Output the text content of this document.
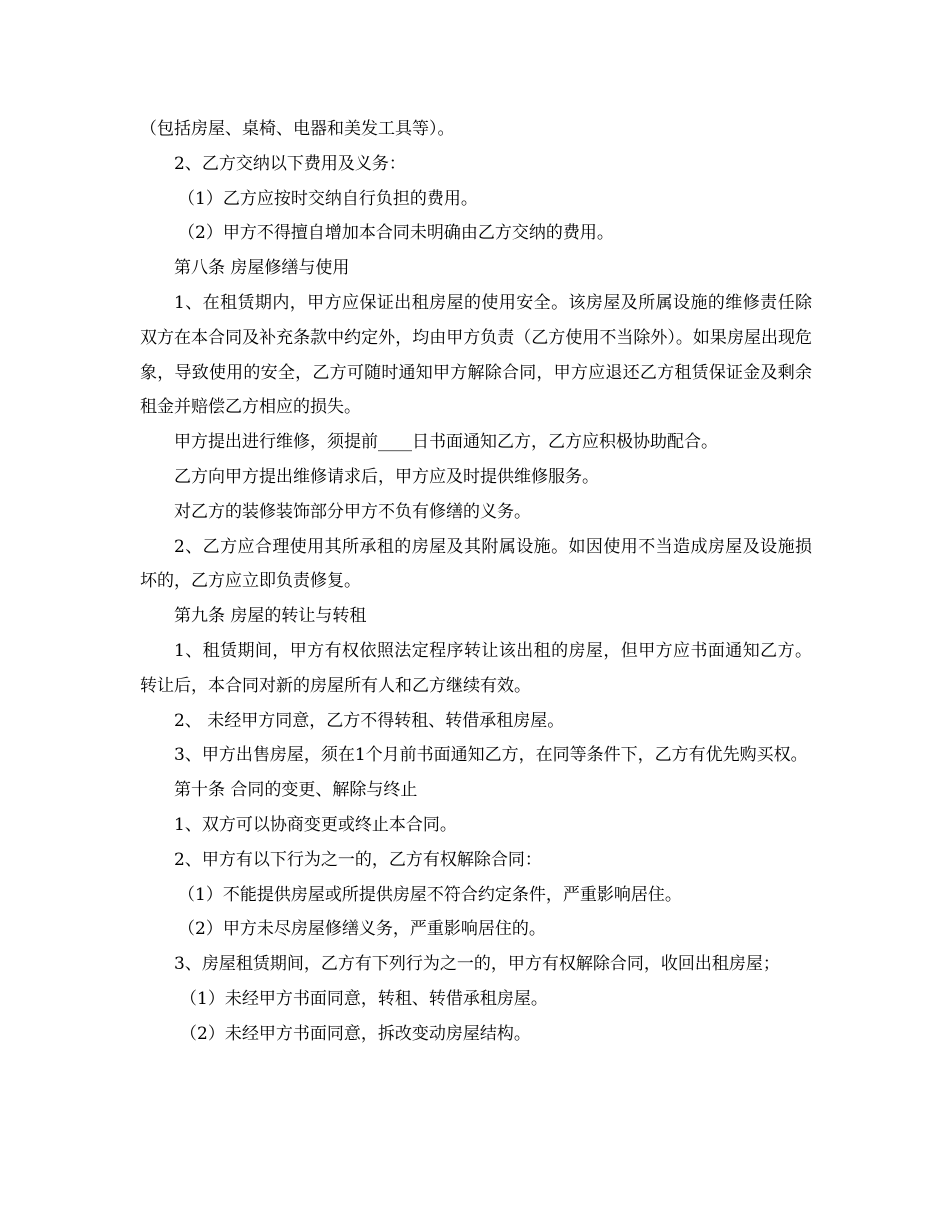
（包括房屋、桌椅、电器和美发工具等）。

2、乙方交纳以下费用及义务：

（1）乙方应按时交纳自行负担的费用。

（2）甲方不得擅自增加本合同未明确由乙方交纳的费用。

第八条 房屋修缮与使用

1、在租赁期内，甲方应保证出租房屋的使用安全。该房屋及所属设施的维修责任除双方在本合同及补充条款中约定外，均由甲方负责（乙方使用不当除外）。如果房屋出现危象，导致使用的安全，乙方可随时通知甲方解除合同，甲方应退还乙方租赁保证金及剩余租金并赔偿乙方相应的损失。

甲方提出进行维修，须提前____日书面通知乙方，乙方应积极协助配合。

乙方向甲方提出维修请求后，甲方应及时提供维修服务。

对乙方的装修装饰部分甲方不负有修缮的义务。

2、乙方应合理使用其所承租的房屋及其附属设施。如因使用不当造成房屋及设施损坏的，乙方应立即负责修复。

第九条 房屋的转让与转租

1、租赁期间，甲方有权依照法定程序转让该出租的房屋，但甲方应书面通知乙方。转让后，本合同对新的房屋所有人和乙方继续有效。

2、 未经甲方同意，乙方不得转租、转借承租房屋。

3、甲方出售房屋，须在1个月前书面通知乙方，在同等条件下，乙方有优先购买权。

第十条 合同的变更、解除与终止

1、双方可以协商变更或终止本合同。

2、甲方有以下行为之一的，乙方有权解除合同：

（1）不能提供房屋或所提供房屋不符合约定条件，严重影响居住。

（2）甲方未尽房屋修缮义务，严重影响居住的。

3、房屋租赁期间，乙方有下列行为之一的，甲方有权解除合同，收回出租房屋；

（1）未经甲方书面同意，转租、转借承租房屋。

（2）未经甲方书面同意，拆改变动房屋结构。
